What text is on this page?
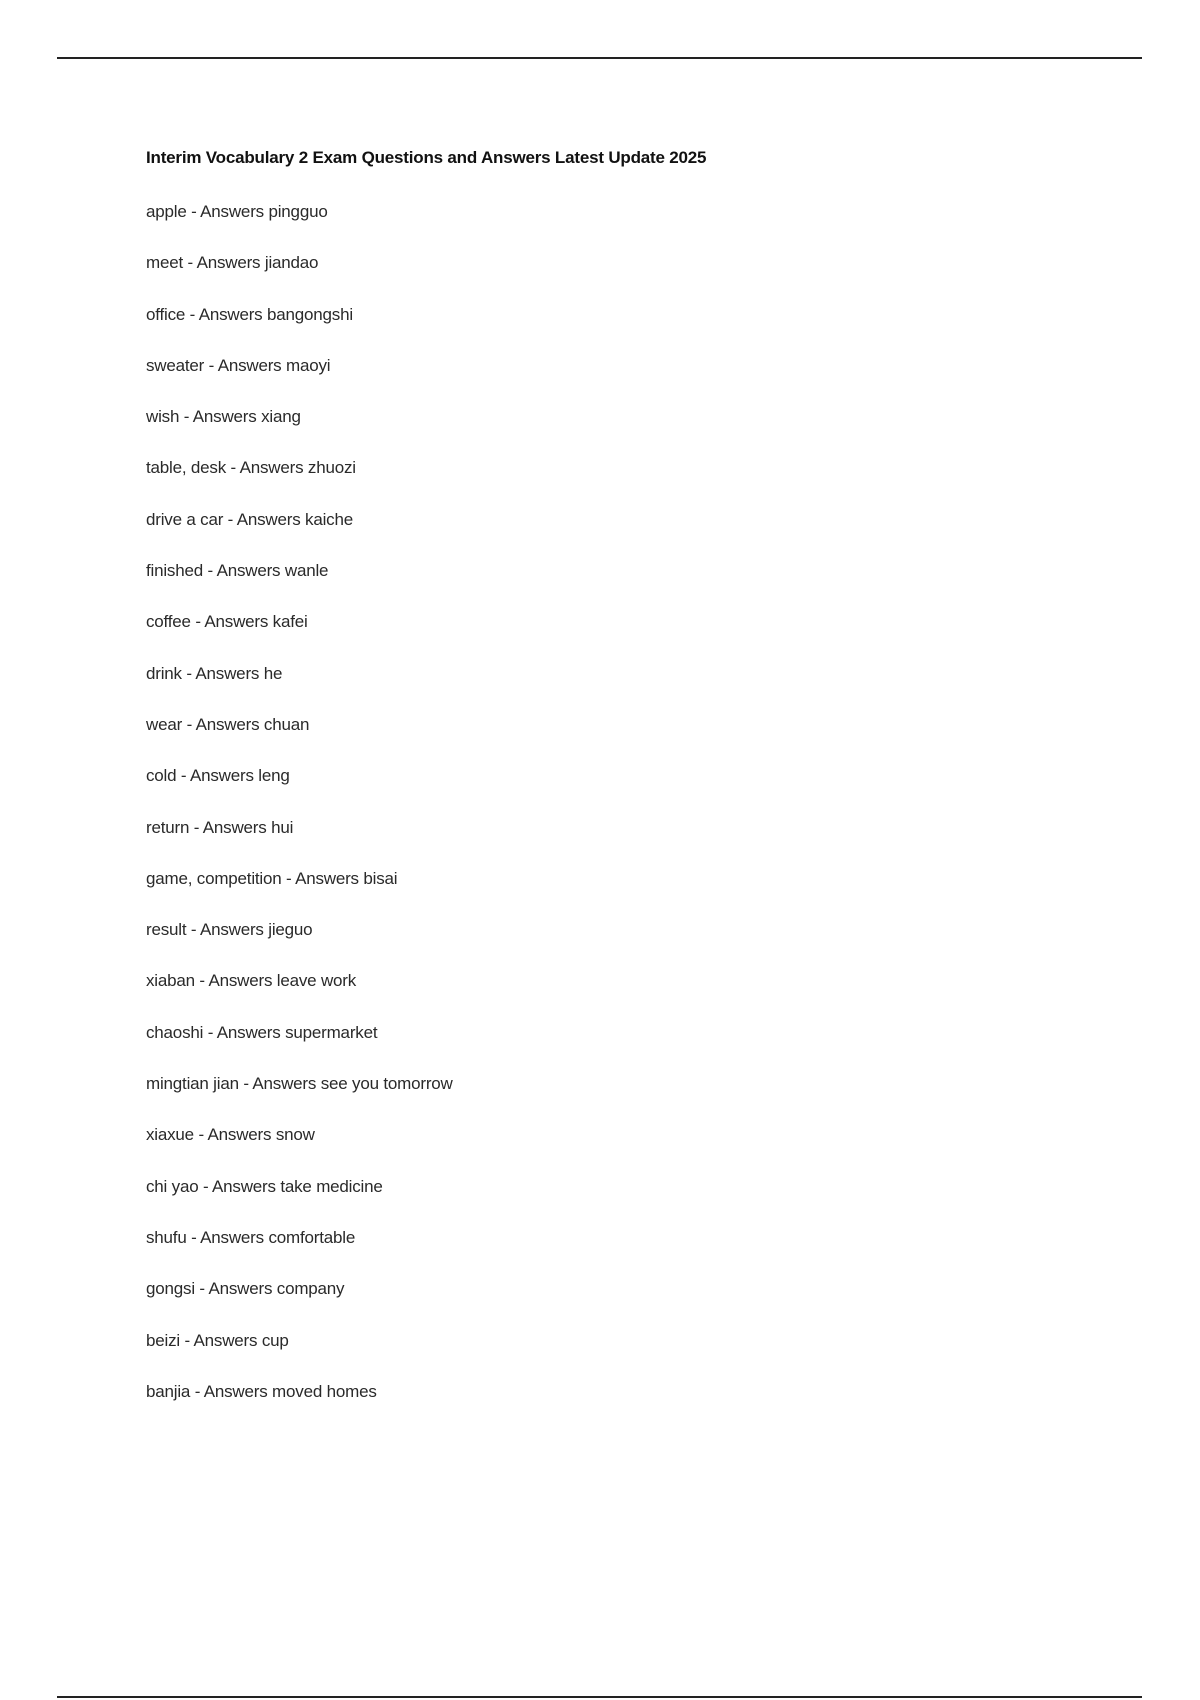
Interim Vocabulary 2 Exam Questions and Answers Latest Update 2025
apple - Answers pingguo
meet - Answers jiandao
office - Answers bangongshi
sweater - Answers maoyi
wish - Answers xiang
table, desk - Answers zhuozi
drive a car - Answers kaiche
finished - Answers wanle
coffee - Answers kafei
drink - Answers he
wear - Answers chuan
cold - Answers leng
return - Answers hui
game, competition - Answers bisai
result - Answers jieguo
xiaban - Answers leave work
chaoshi - Answers supermarket
mingtian jian - Answers see you tomorrow
xiaxue - Answers snow
chi yao - Answers take medicine
shufu - Answers comfortable
gongsi - Answers company
beizi - Answers cup
banjia - Answers moved homes
